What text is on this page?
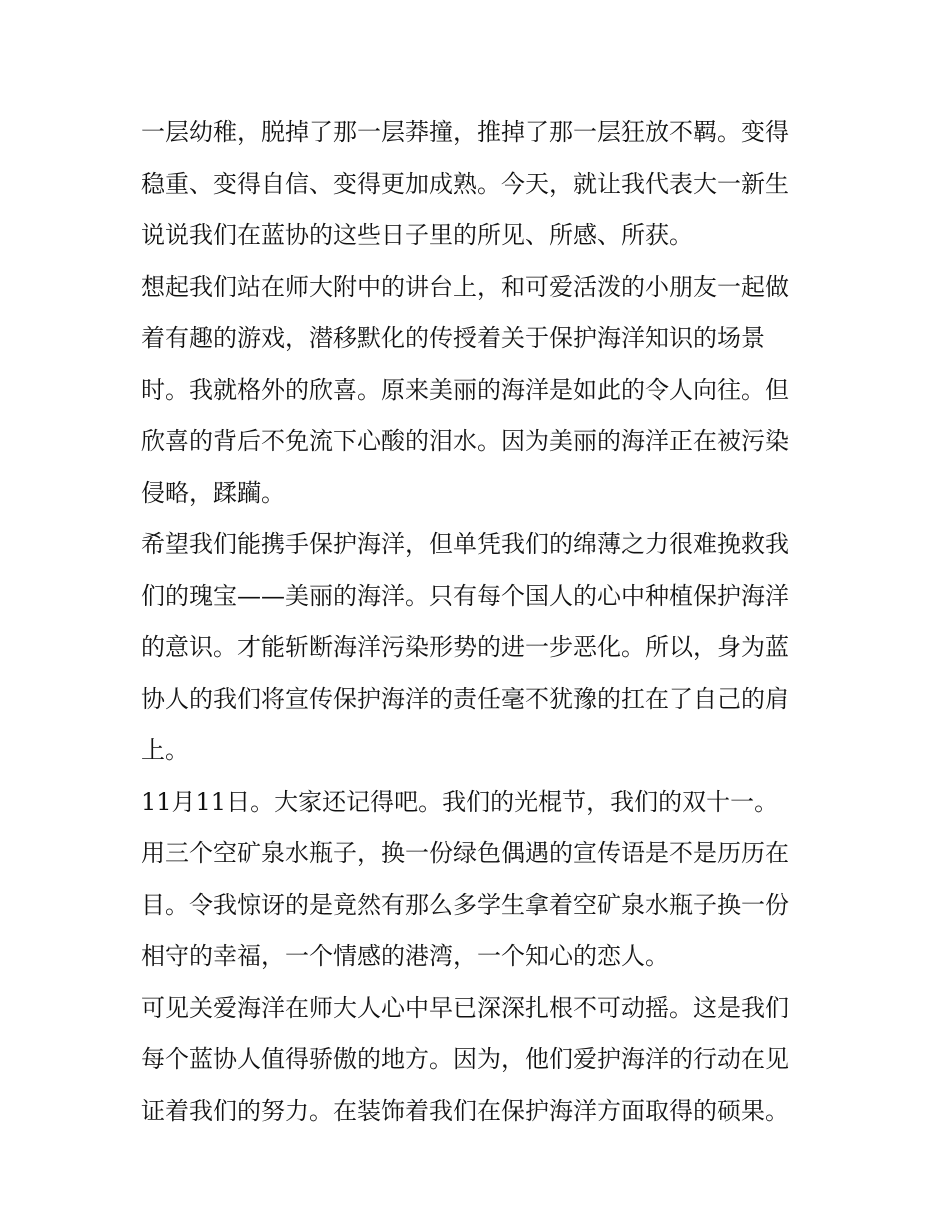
一层幼稚，脱掉了那一层莽撞，推掉了那一层狂放不羁。变得
稳重、变得自信、变得更加成熟。今天，就让我代表大一新生
说说我们在蓝协的这些日子里的所见、所感、所获。
想起我们站在师大附中的讲台上，和可爱活泼的小朋友一起做
着有趣的游戏，潜移默化的传授着关于保护海洋知识的场景
时。我就格外的欣喜。原来美丽的海洋是如此的令人向往。但
欣喜的背后不免流下心酸的泪水。因为美丽的海洋正在被污染
侵略，蹂躏。
希望我们能携手保护海洋，但单凭我们的绵薄之力很难挽救我
们的瑰宝——美丽的海洋。只有每个国人的心中种植保护海洋
的意识。才能斩断海洋污染形势的进一步恶化。所以，身为蓝
协人的我们将宣传保护海洋的责任毫不犹豫的扛在了自己的肩
上。
11月11日。大家还记得吧。我们的光棍节，我们的双十一。
用三个空矿泉水瓶子，换一份绿色偶遇的宣传语是不是历历在
目。令我惊讶的是竟然有那么多学生拿着空矿泉水瓶子换一份
相守的幸福，一个情感的港湾，一个知心的恋人。
可见关爱海洋在师大人心中早已深深扎根不可动摇。这是我们
每个蓝协人值得骄傲的地方。因为，他们爱护海洋的行动在见
证着我们的努力。在装饰着我们在保护海洋方面取得的硕果。
